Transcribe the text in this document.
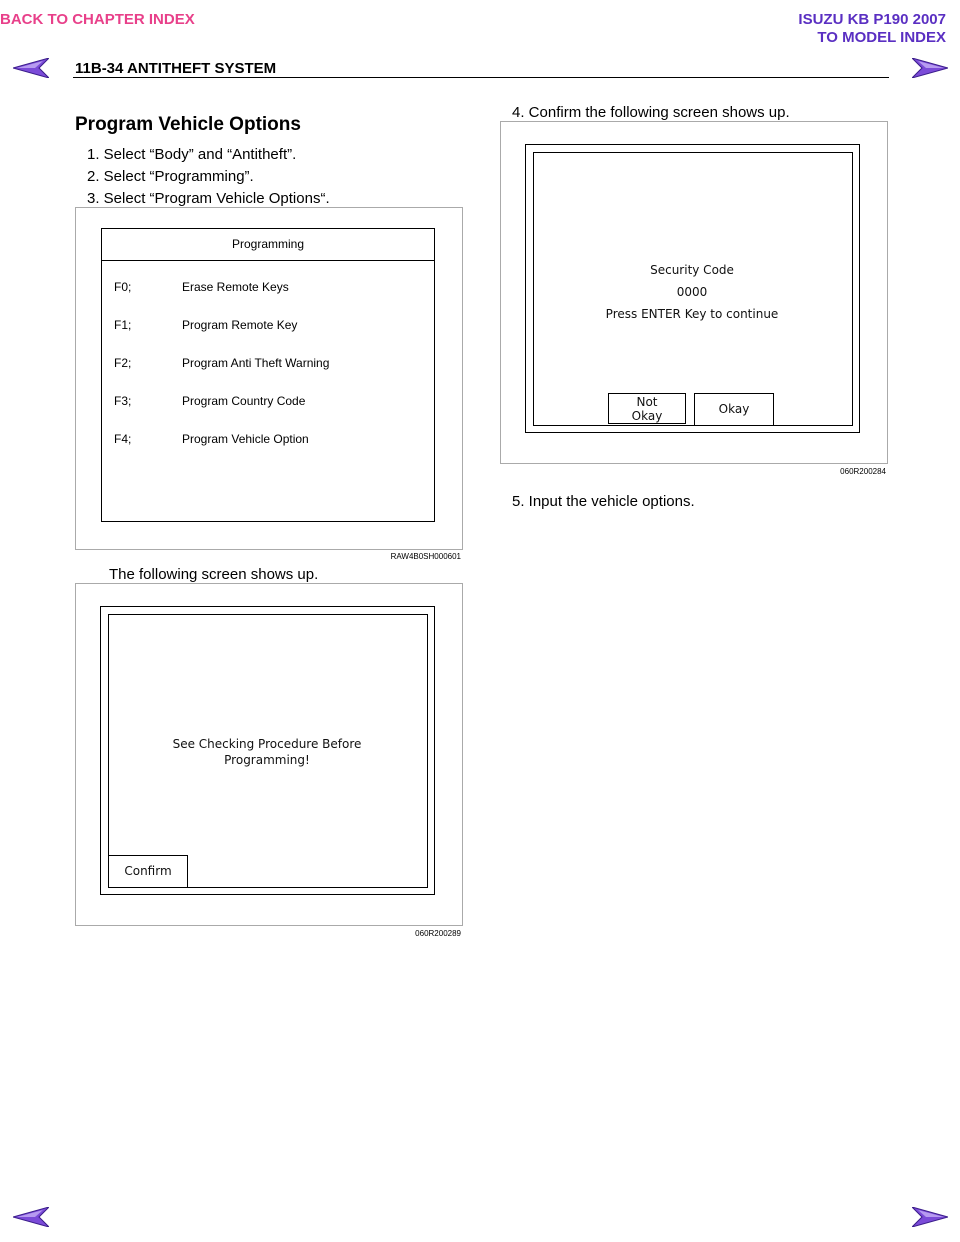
BACK TO CHAPTER INDEX	ISUZU KB P190 2007
TO MODEL INDEX
11B-34 ANTITHEFT SYSTEM
Program Vehicle Options
1. Select “Body” and “Antitheft”.
2. Select “Programming”.
3. Select “Program Vehicle Options“.
Programming
F0;	Erase Remote Keys
F1;	Program Remote Key
F2;	Program Anti Theft Warning
F3;	Program Country Code
F4;	Program Vehicle Option
RAW4B0SH000601
The following screen shows up.
See Checking Procedure Before
Programming!
Confirm
060R200289
4. Confirm the following screen shows up.
Security Code
0000
Press ENTER Key to continue
Not
Okay	Okay
060R200284
5. Input the vehicle options.
